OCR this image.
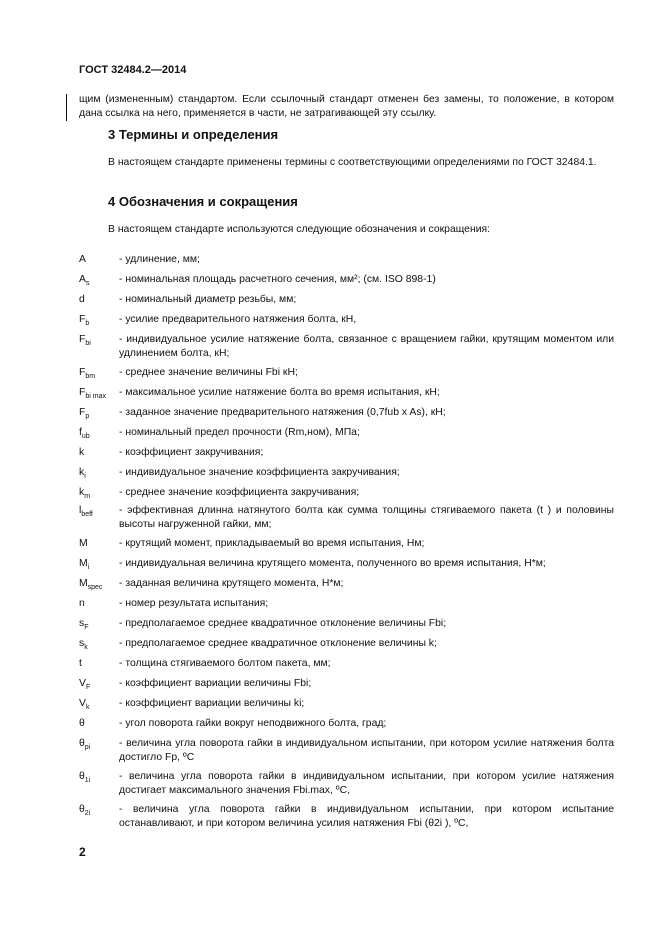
ГОСТ 32484.2—2014
щим (измененным) стандартом. Если ссылочный стандарт отменен без замены, то положение, в котором дана ссылка на него, применяется в части, не затрагивающей эту ссылку.
3 Термины и определения
В настоящем стандарте применены термины с соответствующими определениями по ГОСТ 32484.1.
4 Обозначения и сокращения
В настоящем стандарте используются следующие обозначения и сокращения:
A	- удлинение, мм;
$A_s$	- номинальная площадь расчетного сечения, мм²; (см. ISO 898-1)
d	- номинальный диаметр резьбы, мм;
$F_b$	- усилие предварительного натяжения болта, кН,
$F_{bi}$	- индивидуальное усилие натяжение болта, связанное с вращением гайки, крутящим моментом или удлинением болта, кН;
$F_{bm}$ - среднее значение величины Fbi кН;
$F_{bi max}$ - максимальное усилие натяжение болта во время испытания, кН;
$F_p$	- заданное значение предварительного натяжения (0,7fub x As), кН;
$f_{ub}$	- номинальный предел прочности (Rm,ном), МПа;
k	- коэффициент закручивания;
$k_i$	- индивидуальное значение коэффициента закручивания;
$k_m$	- среднее значение коэффициента закручивания;
$l_{beff}$	- эффективная длинна натянутого болта как сумма толщины стягиваемого пакета (t ) и половины высоты нагруженной гайки, мм;
M	- крутящий момент, прикладываемый во время испытания, Нм;
$M_i$	- индивидуальная величина крутящего момента, полученного во время испытания, Н*м;
$M_{spec}$ - заданная величина крутящего момента, Н*м;
n	- номер результата испытания;
$s_F$	- предполагаемое среднее квадратичное отклонение величины Fbi;
$s_k$	- предполагаемое среднее квадратичное отклонение величины k;
t	- толщина стягиваемого болтом пакета, мм;
$V_F$	- коэффициент вариации величины Fbi;
$V_k$	- коэффициент вариации величины ki;
θ	- угол поворота гайки вокруг неподвижного болта, град;
$\theta_{pi}$	- величина угла поворота гайки в индивидуальном испытании, при котором усилие натяжения болта достигло Fp, ºС
$\theta_{1i}$	- величина угла поворота гайки в индивидуальном испытании, при котором усилие натяжения достигает максимального значения Fbi.max, ºС,
$\theta_{2i}$	- величина угла поворота гайки в индивидуальном испытании, при котором испытание останавливают, и при котором величина усилия натяжения Fbi (θ2i ), ºС,
2
